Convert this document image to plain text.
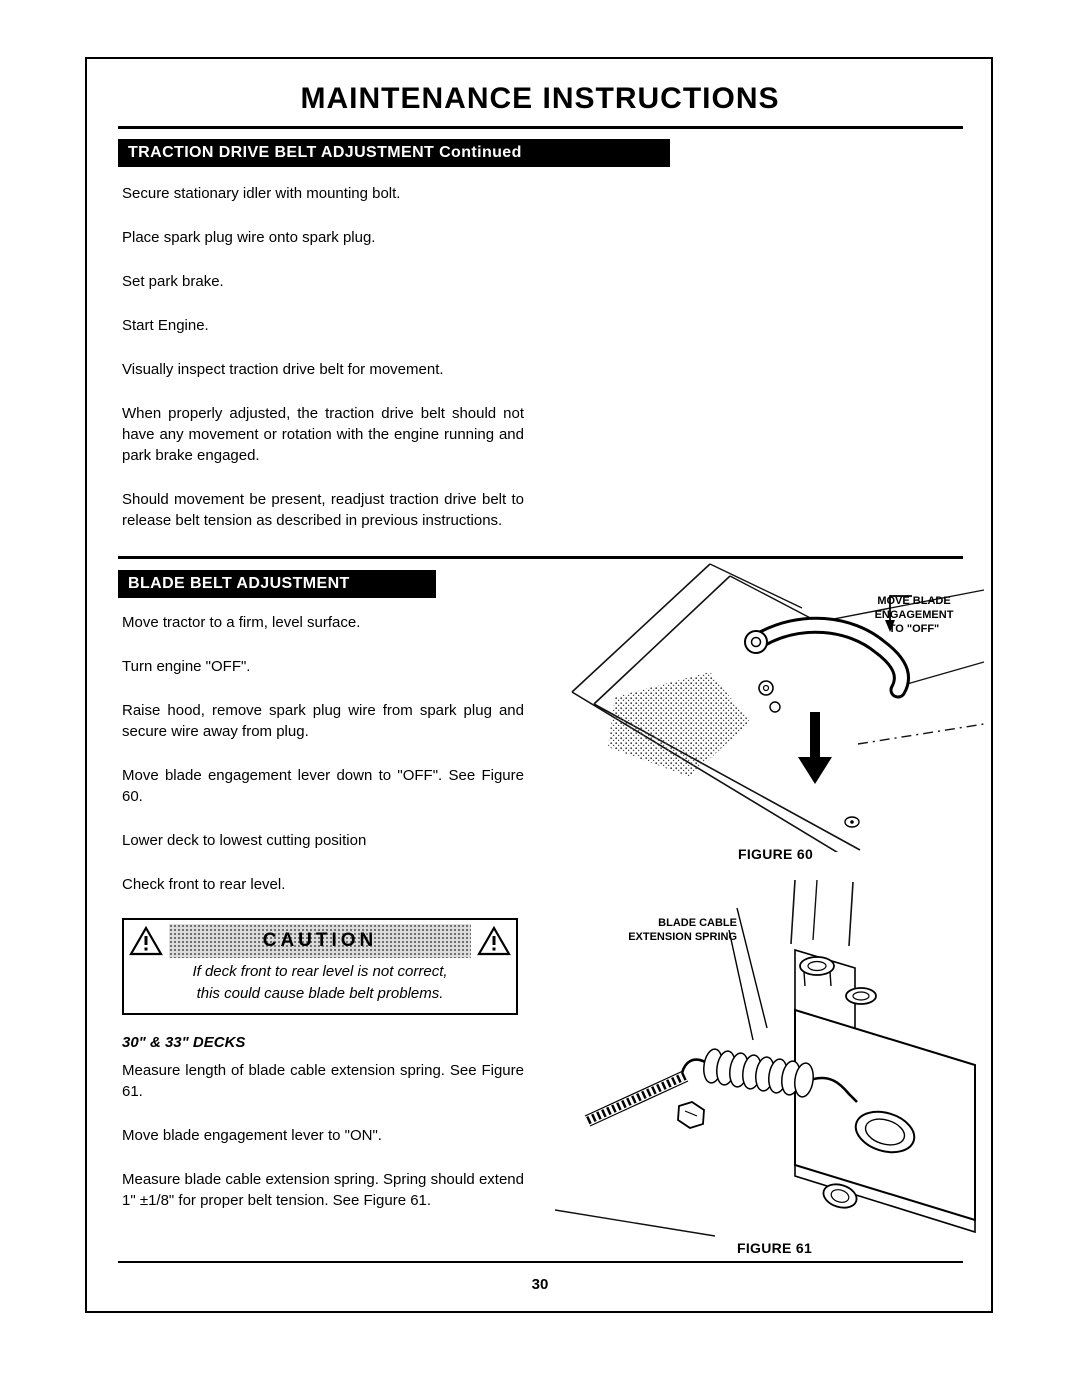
MAINTENANCE INSTRUCTIONS
TRACTION DRIVE BELT ADJUSTMENT Continued

Secure stationary idler with mounting bolt.

Place spark plug wire onto spark plug.

Set park brake.

Start Engine.

Visually inspect traction drive belt for movement.

When properly adjusted, the traction drive belt should not have any movement or rotation with the engine running and park brake engaged.

Should movement be present, readjust traction drive belt to release belt tension as described in previous instructions.

BLADE BELT ADJUSTMENT

Move tractor to a firm, level surface.

Turn engine "OFF".

Raise hood, remove spark plug wire from spark plug and secure wire away from plug.

Move blade engagement lever down to "OFF". See Figure 60.

Lower deck to lowest cutting position

Check front to rear level.

CAUTION
If deck front to rear level is not correct,
this could cause blade belt problems.
30" & 33" DECKS

Measure length of blade cable extension spring. See Figure 61.

Move blade engagement lever to "ON".

Measure blade cable extension spring. Spring should extend 1" ±1/8" for proper belt tension. See Figure 61.

MOVE BLADE
ENGAGEMENT
TO "OFF"
FIGURE 60
BLADE CABLE
EXTENSION SPRING
FIGURE 61
30
